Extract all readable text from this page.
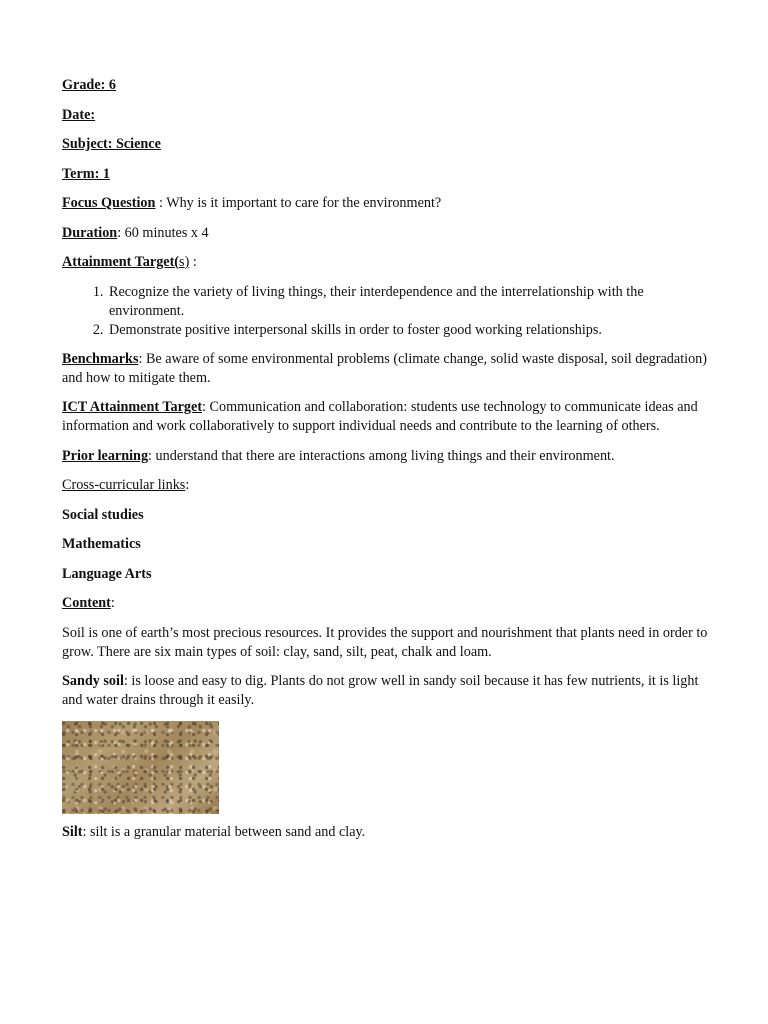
Grade: 6

Date:

Subject: Science

Term: 1

Focus Question : Why is it important to care for the environment?

Duration: 60 minutes x 4

Attainment Target(s) :

1. Recognize the variety of living things, their interdependence and the interrelationship with the environment.
2. Demonstrate positive interpersonal skills in order to foster good working relationships.

Benchmarks: Be aware of some environmental problems (climate change, solid waste disposal, soil degradation) and how to mitigate them.

ICT Attainment Target: Communication and collaboration: students use technology to communicate ideas and information and work collaboratively to support individual needs and contribute to the learning of others.

Prior learning: understand that there are interactions among living things and their environment.

Cross-curricular links:

Social studies

Mathematics

Language Arts

Content:

Soil is one of earth’s most precious resources. It provides the support and nourishment that plants need in order to grow. There are six main types of soil: clay, sand, silt, peat, chalk and loam.

Sandy soil: is loose and easy to dig. Plants do not grow well in sandy soil because it has few nutrients, it is light and water drains through it easily.

Silt: silt is a granular material between sand and clay.
